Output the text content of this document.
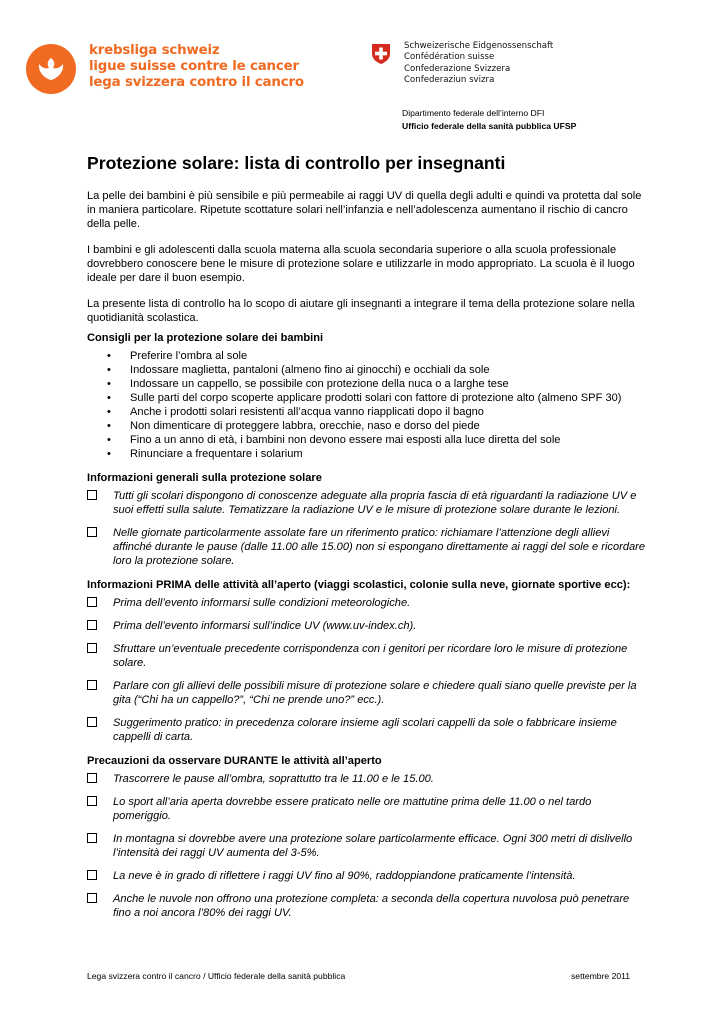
krebsliga schweiz
ligue suisse contre le cancer
lega svizzera contro il cancro
Schweizerische Eidgenossenschaft
Confédération suisse
Confederazione Svizzera
Confederaziun svizra
Dipartimento federale dell’interno DFI
Ufficio federale della sanità pubblica UFSP
Protezione solare: lista di controllo per insegnanti

La pelle dei bambini è più sensibile e più permeabile ai raggi UV di quella degli adulti e quindi va protetta dal sole in maniera particolare. Ripetute scottature solari nell’infanzia e nell’adolescenza aumentano il rischio di cancro della pelle.

I bambini e gli adolescenti dalla scuola materna alla scuola secondaria superiore o alla scuola professionale dovrebbero conoscere bene le misure di protezione solare e utilizzarle in modo appropriato. La scuola è il luogo ideale per dare il buon esempio.

La presente lista di controllo ha lo scopo di aiutare gli insegnanti a integrare il tema della protezione solare nella quotidianità scolastica.

Consigli per la protezione solare dei bambini
• Preferire l’ombra al sole
• Indossare maglietta, pantaloni (almeno fino ai ginocchi) e occhiali da sole
• Indossare un cappello, se possibile con protezione della nuca o a larghe tese
• Sulle parti del corpo scoperte applicare prodotti solari con fattore di protezione alto (almeno SPF 30)
• Anche i prodotti solari resistenti all’acqua vanno riapplicati dopo il bagno
• Non dimenticare di proteggere labbra, orecchie, naso e dorso del piede
• Fino a un anno di età, i bambini non devono essere mai esposti alla luce diretta del sole
• Rinunciare a frequentare i solarium
Informazioni generali sulla protezione solare
Tutti gli scolari dispongono di conoscenze adeguate alla propria fascia di età riguardanti la radiazione UV e suoi effetti sulla salute. Tematizzare la radiazione UV e le misure di protezione solare durante le lezioni.
Nelle giornate particolarmente assolate fare un riferimento pratico: richiamare l’attenzione degli allievi affinché durante le pause (dalle 11.00 alle 15.00) non si espongano direttamente ai raggi del sole e ricordare loro la protezione solare.
Informazioni PRIMA delle attività all’aperto (viaggi scolastici, colonie sulla neve, giornate sportive ecc):
Prima dell’evento informarsi sulle condizioni meteorologiche.
Prima dell’evento informarsi sull’indice UV (www.uv-index.ch).
Sfruttare un’eventuale precedente corrispondenza con i genitori per ricordare loro le misure di protezione solare.
Parlare con gli allievi delle possibili misure di protezione solare e chiedere quali siano quelle previste per la gita (“Chi ha un cappello?”, “Chi ne prende uno?” ecc.).
Suggerimento pratico: in precedenza colorare insieme agli scolari cappelli da sole o fabbricare insieme cappelli di carta.
Precauzioni da osservare DURANTE le attività all’aperto
Trascorrere le pause all’ombra, soprattutto tra le 11.00 e le 15.00.
Lo sport all’aria aperta dovrebbe essere praticato nelle ore mattutine prima delle 11.00 o nel tardo pomeriggio.
In montagna si dovrebbe avere una protezione solare particolarmente efficace. Ogni 300 metri di dislivello l’intensità dei raggi UV aumenta del 3-5%.
La neve è in grado di riflettere i raggi UV fino al 90%, raddoppiandone praticamente l’intensità.
Anche le nuvole non offrono una protezione completa: a seconda della copertura nuvolosa può penetrare fino a noi ancora l’80% dei raggi UV.
Lega svizzera contro il cancro / Ufficio federale della sanità pubblica	settembre 2011
